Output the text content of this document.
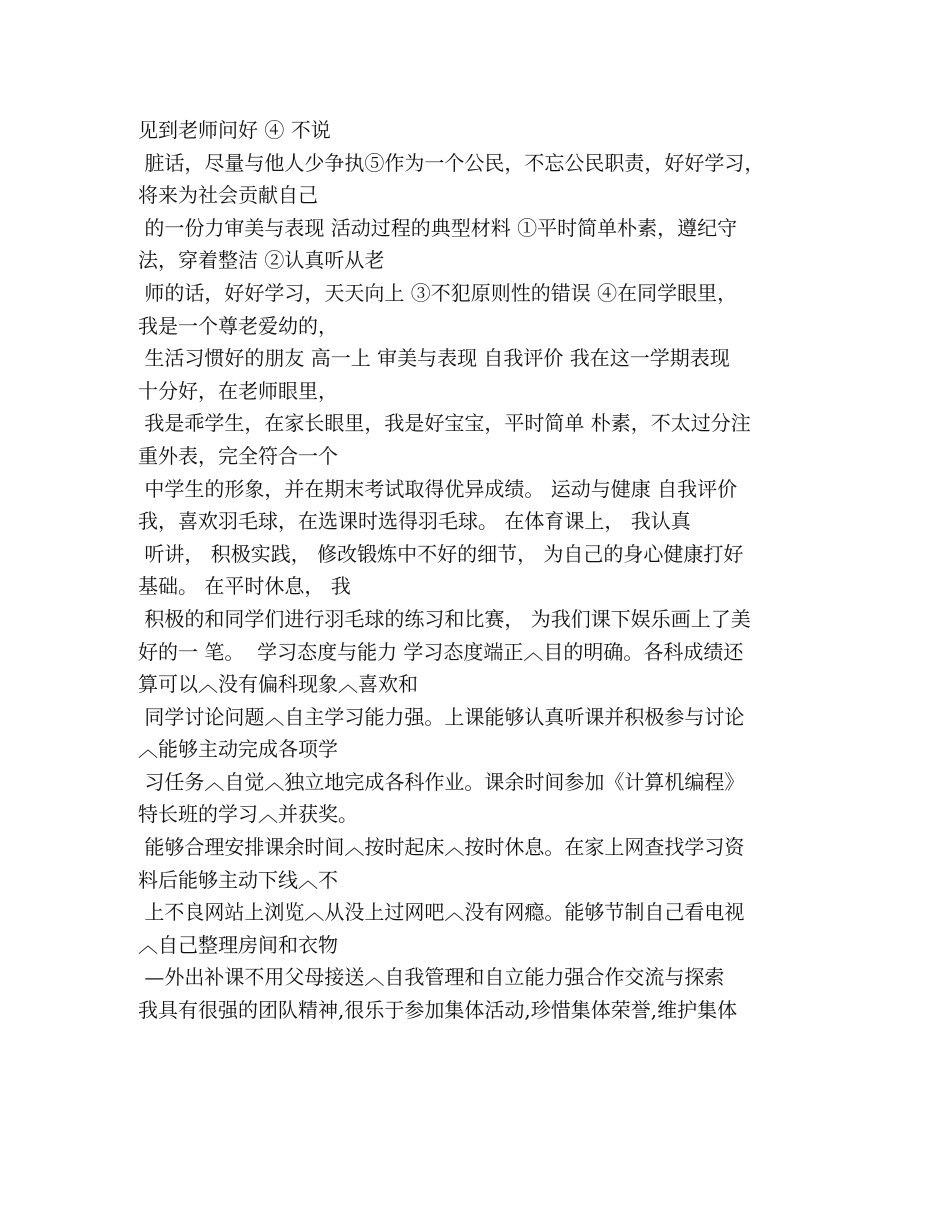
见到老师问好 ④ 不说
脏话，尽量与他人少争执⑤作为一个公民，不忘公民职责，好好学习，
将来为社会贡献自己
的一份力审美与表现 活动过程的典型材料 ①平时简单朴素，遵纪守
法，穿着整洁 ②认真听从老
师的话，好好学习，天天向上 ③不犯原则性的错误 ④在同学眼里，
我是一个尊老爱幼的，
生活习惯好的朋友 高一上 审美与表现 自我评价 我在这一学期表现
十分好，在老师眼里，
我是乖学生，在家长眼里，我是好宝宝，平时简单 朴素，不太过分注
重外表，完全符合一个
中学生的形象，并在期末考试取得优异成绩。 运动与健康 自我评价
我，喜欢羽毛球，在选课时选得羽毛球。 在体育课上， 我认真
听讲， 积极实践， 修改锻炼中不好的细节， 为自己的身心健康打好
基础。 在平时休息， 我
积极的和同学们进行羽毛球的练习和比赛， 为我们课下娱乐画上了美
好的一 笔。  学习态度与能力 学习态度端正︿目的明确。各科成绩还
算可以︿没有偏科现象︿喜欢和
同学讨论问题︿自主学习能力强。上课能够认真听课并积极参与讨论
︿能够主动完成各项学
习任务︿自觉︿独立地完成各科作业。课余时间参加《计算机编程》
特长班的学习︿并获奖。
能够合理安排课余时间︿按时起床︿按时休息。在家上网查找学习资
料后能够主动下线︿不
上不良网站上浏览︿从没上过网吧︿没有网瘾。能够节制自己看电视
︿自己整理房间和衣物
—外出补课不用父母接送︿自我管理和自立能力强合作交流与探索
我具有很强的团队精神,很乐于参加集体活动,珍惜集体荣誉,维护集体
